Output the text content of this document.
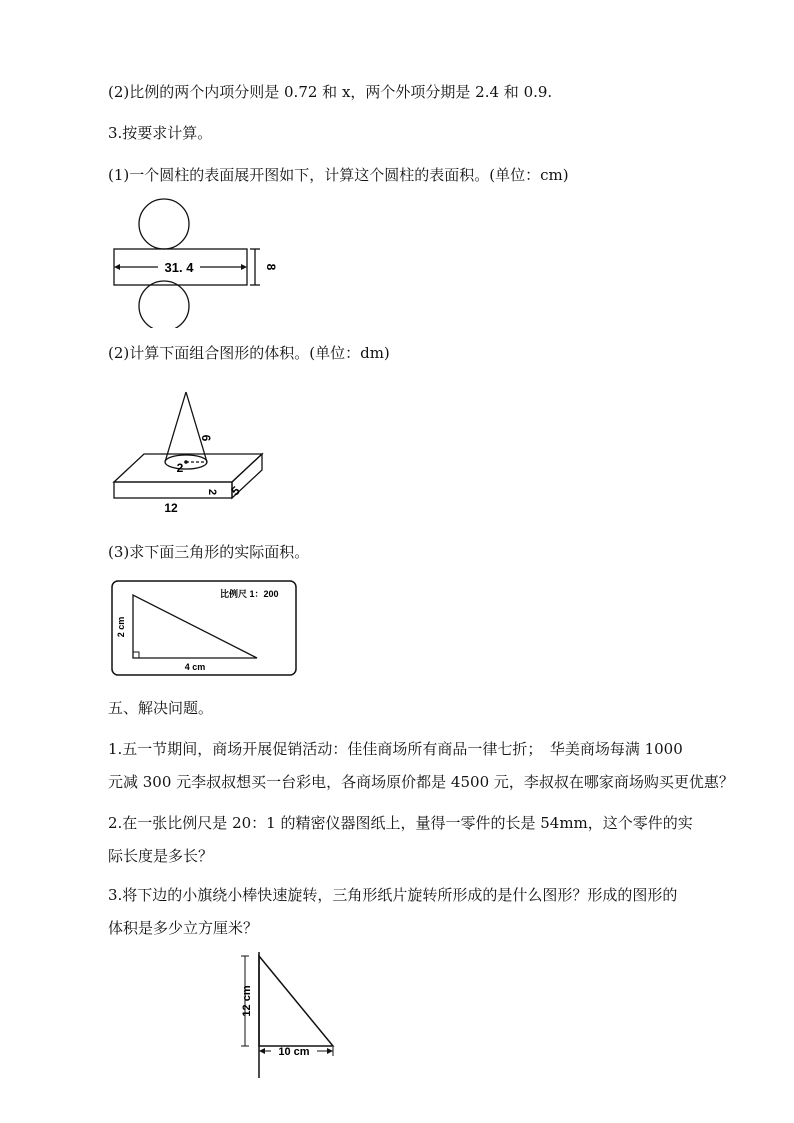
(2)比例的两个内项分则是 0.72 和 x，两个外项分期是 2.4 和 0.9.
3.按要求计算。
(1)一个圆柱的表面展开图如下，计算这个圆柱的表面积。(单位：cm)
31. 4	8
(2)计算下面组合图形的体积。(单位：dm)
6
2
12
2 5
(3)求下面三角形的实际面积。
比例尺 1：200
2 cm
4 cm
五、解决问题。
1.五一节期间，商场开展促销活动：佳佳商场所有商品一律七折；　华美商场每满 1000
元减 300 元李叔叔想买一台彩电，各商场原价都是 4500 元，李叔叔在哪家商场购买更优惠？
2.在一张比例尺是 20：1 的精密仪器图纸上，量得一零件的长是 54mm，这个零件的实
际长度是多长？
3.将下边的小旗绕小棒快速旋转，三角形纸片旋转所形成的是什么图形？形成的图形的
体积是多少立方厘米？
12 cm
10 cm
